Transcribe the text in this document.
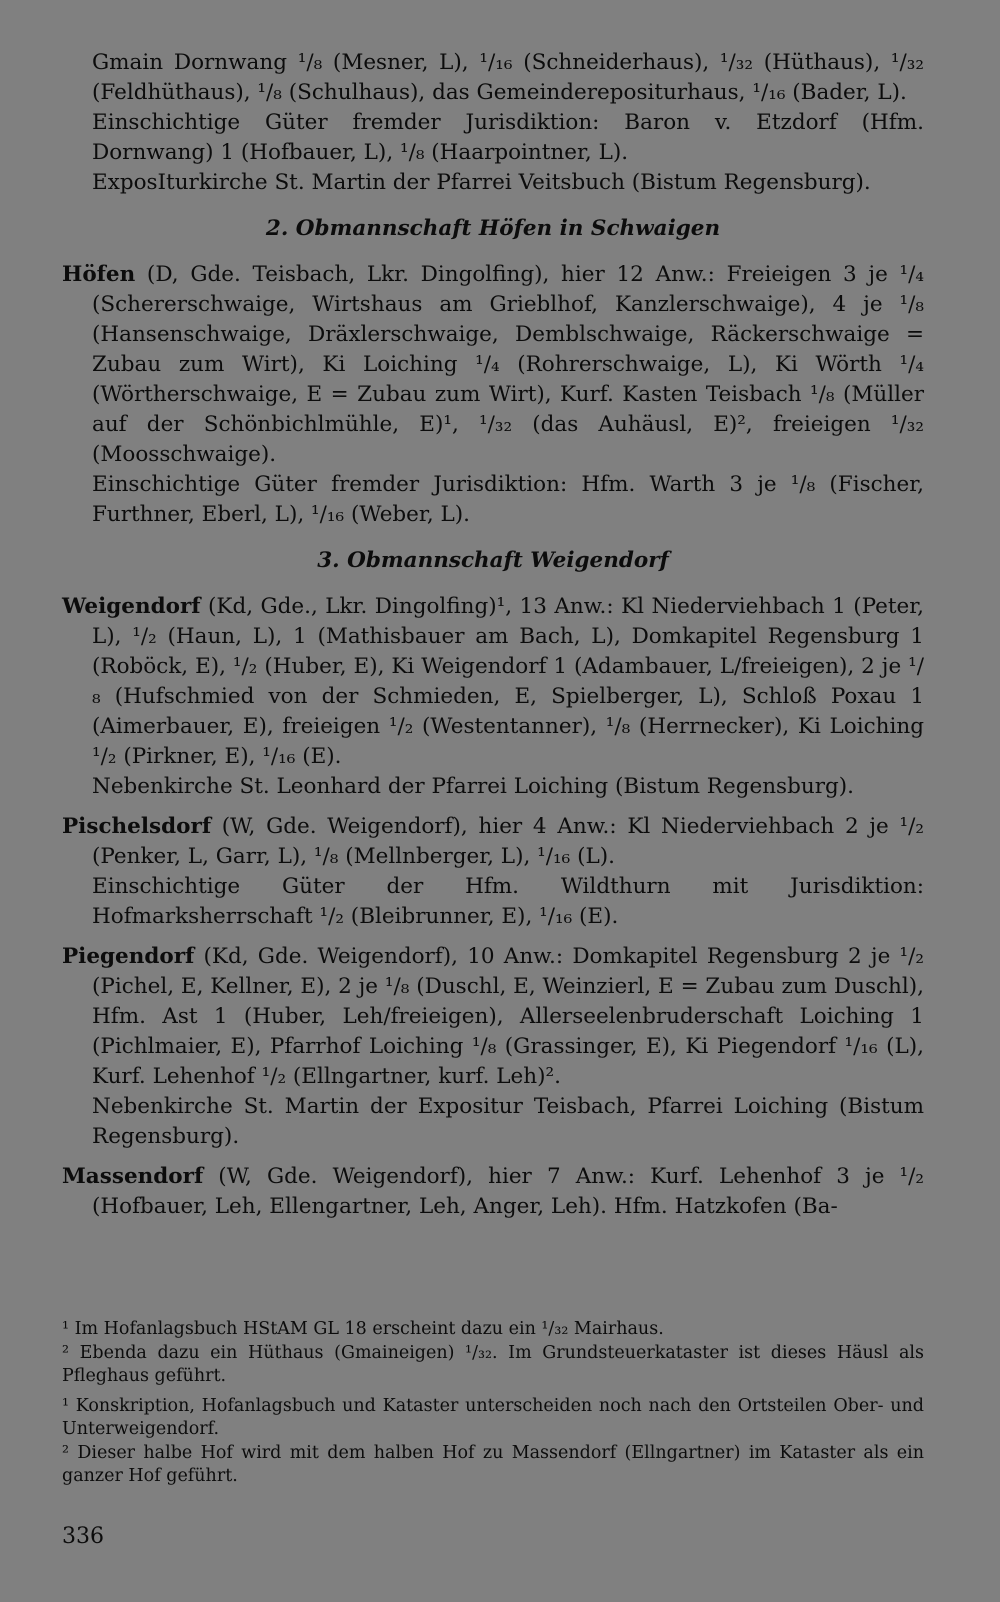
Gmain Dornwang ¹/₈ (Mesner, L), ¹/₁₆ (Schneiderhaus), ¹/₃₂ (Hüthaus), ¹/₃₂ (Feldhüthaus), ¹/₈ (Schulhaus), das Gemeinderepositurhaus, ¹/₁₆ (Bader, L).

Einschichtige Güter fremder Jurisdiktion: Baron v. Etzdorf (Hfm. Dornwang) 1 (Hofbauer, L), ¹/₈ (Haarpointner, L).

ExposIturkirche St. Martin der Pfarrei Veitsbuch (Bistum Regensburg).

2. Obmannschaft Höfen in Schwaigen

Höfen (D, Gde. Teisbach, Lkr. Dingolfing), hier 12 Anw.: Freieigen 3 je ¹/₄ (Schererschwaige, Wirtshaus am Grieblhof, Kanzlerschwaige), 4 je ¹/₈ (Hansenschwaige, Dräxlerschwaige, Demblschwaige, Räckerschwaige = Zubau zum Wirt), Ki Loiching ¹/₄ (Rohrerschwaige, L), Ki Wörth ¹/₄ (Wörtherschwaige, E = Zubau zum Wirt), Kurf. Kasten Teisbach ¹/₈ (Müller auf der Schönbichlmühle, E)¹, ¹/₃₂ (das Auhäusl, E)², freieigen ¹/₃₂ (Moosschwaige).

Einschichtige Güter fremder Jurisdiktion: Hfm. Warth 3 je ¹/₈ (Fischer, Furthner, Eberl, L), ¹/₁₆ (Weber, L).

3. Obmannschaft Weigendorf

Weigendorf (Kd, Gde., Lkr. Dingolfing)¹, 13 Anw.: Kl Niederviehbach 1 (Peter, L), ¹/₂ (Haun, L), 1 (Mathisbauer am Bach, L), Domkapitel Regensburg 1 (Roböck, E), ¹/₂ (Huber, E), Ki Weigendorf 1 (Adambauer, L/freieigen), 2 je ¹/₈ (Hufschmied von der Schmieden, E, Spielberger, L), Schloß Poxau 1 (Aimerbauer, E), freieigen ¹/₂ (Westentanner), ¹/₈ (Herrnecker), Ki Loiching ¹/₂ (Pirkner, E), ¹/₁₆ (E).

Nebenkirche St. Leonhard der Pfarrei Loiching (Bistum Regensburg).

Pischelsdorf (W, Gde. Weigendorf), hier 4 Anw.: Kl Niederviehbach 2 je ¹/₂ (Penker, L, Garr, L), ¹/₈ (Mellnberger, L), ¹/₁₆ (L).

Einschichtige Güter der Hfm. Wildthurn mit Jurisdiktion: Hofmarksherrschaft ¹/₂ (Bleibrunner, E), ¹/₁₆ (E).

Piegendorf (Kd, Gde. Weigendorf), 10 Anw.: Domkapitel Regensburg 2 je ¹/₂ (Pichel, E, Kellner, E), 2 je ¹/₈ (Duschl, E, Weinzierl, E = Zubau zum Duschl), Hfm. Ast 1 (Huber, Leh/freieigen), Allerseelenbruderschaft Loiching 1 (Pichlmaier, E), Pfarrhof Loiching ¹/₈ (Grassinger, E), Ki Piegendorf ¹/₁₆ (L), Kurf. Lehenhof ¹/₂ (Ellngartner, kurf. Leh)².

Nebenkirche St. Martin der Expositur Teisbach, Pfarrei Loiching (Bistum Regensburg).

Massendorf (W, Gde. Weigendorf), hier 7 Anw.: Kurf. Lehenhof 3 je ¹/₂ (Hofbauer, Leh, Ellengartner, Leh, Anger, Leh). Hfm. Hatzkofen (Ba-

¹ Im Hofanlagsbuch HStAM GL 18 erscheint dazu ein ¹/₃₂ Mairhaus.

² Ebenda dazu ein Hüthaus (Gmaineigen) ¹/₃₂. Im Grundsteuerkataster ist dieses Häusl als Pfleghaus geführt.

¹ Konskription, Hofanlagsbuch und Kataster unterscheiden noch nach den Ortsteilen Ober- und Unterweigendorf.

² Dieser halbe Hof wird mit dem halben Hof zu Massendorf (Ellngartner) im Kataster als ein ganzer Hof geführt.

336
